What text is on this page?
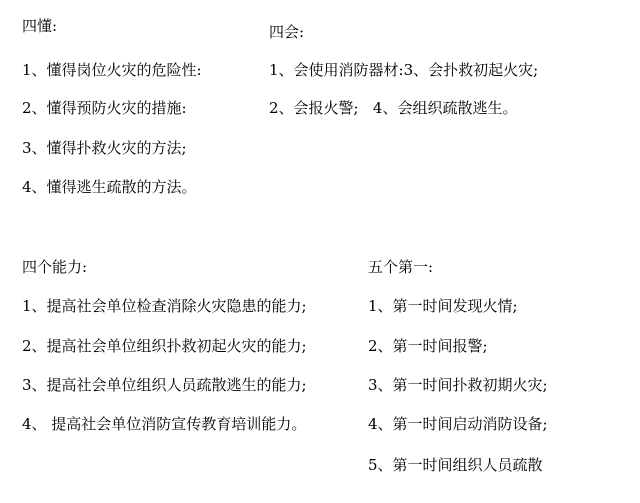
四懂:
1、懂得岗位火灾的危险性:
2、懂得预防火灾的措施:
3、懂得扑救火灾的方法;
4、懂得逃生疏散的方法。
四会:
1、会使用消防器材:3、会扑救初起火灾;
2、会报火警;   4、会组织疏散逃生。
四个能力:
1、提高社会单位检查消除火灾隐患的能力;
2、提高社会单位组织扑救初起火灾的能力;
3、提高社会单位组织人员疏散逃生的能力;
4、 提高社会单位消防宣传教育培训能力。
五个第一:
1、第一时间发现火情;
2、第一时间报警;
3、第一时间扑救初期火灾;
4、第一时间启动消防设备;
5、第一时间组织人员疏散
